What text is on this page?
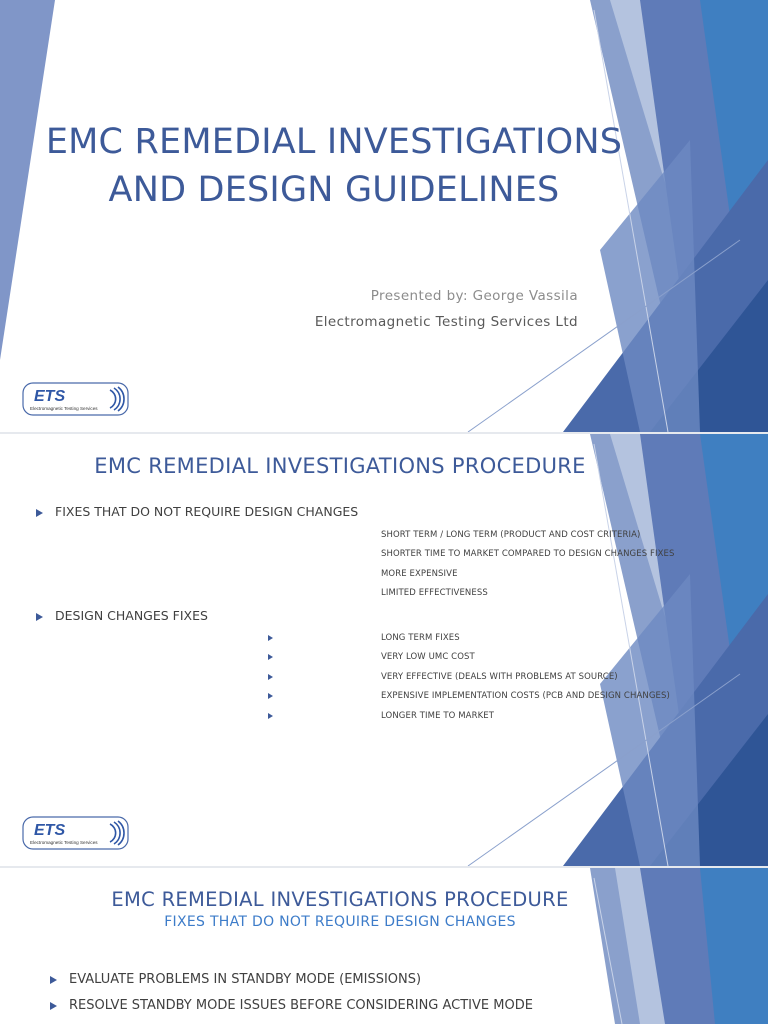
EMC REMEDIAL INVESTIGATIONS
AND DESIGN GUIDELINES
Presented by: George Vassila
Electromagnetic Testing Services Ltd
ETS
Electromagnetic Testing Services
EMC REMEDIAL INVESTIGATIONS PROCEDURE
FIXES THAT DO NOT REQUIRE DESIGN CHANGES
SHORT TERM / LONG TERM (PRODUCT AND COST CRITERIA)
SHORTER TIME TO MARKET COMPARED TO DESIGN CHANGES FIXES
MORE EXPENSIVE
LIMITED EFFECTIVENESS
DESIGN CHANGES FIXES
LONG TERM FIXES
VERY LOW UMC COST
VERY EFFECTIVE (DEALS WITH PROBLEMS AT SOURCE)
EXPENSIVE IMPLEMENTATION COSTS (PCB AND DESIGN CHANGES)
LONGER TIME TO MARKET
ETS
Electromagnetic Testing Services
EMC REMEDIAL INVESTIGATIONS PROCEDURE
FIXES THAT DO NOT REQUIRE DESIGN CHANGES
EVALUATE PROBLEMS IN STANDBY MODE (EMISSIONS)
RESOLVE STANDBY MODE ISSUES BEFORE CONSIDERING ACTIVE MODE
